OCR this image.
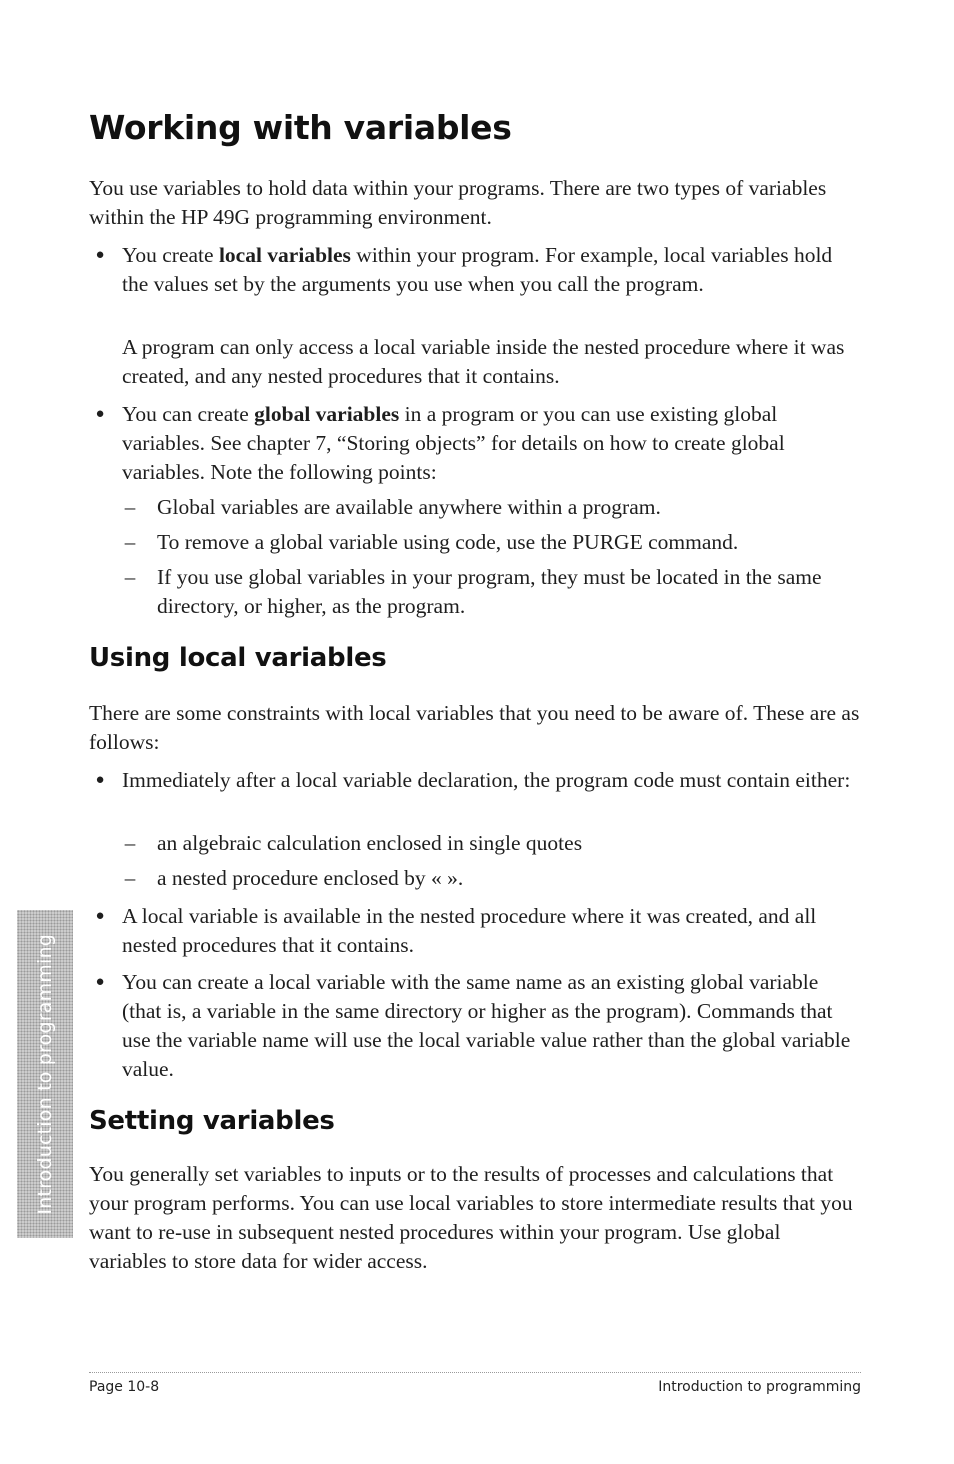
Working with variables

You use variables to hold data within your programs. There are two types of variables within the HP 49G programming environment.

● You create local variables within your program. For example, local variables hold the values set by the arguments you use when you call the program.

A program can only access a local variable inside the nested procedure where it was created, and any nested procedures that it contains.

● You can create global variables in a program or you can use existing global variables. See chapter 7, “Storing objects” for details on how to create global variables. Note the following points:

– Global variables are available anywhere within a program.

– To remove a global variable using code, use the PURGE command.

– If you use global variables in your program, they must be located in the same directory, or higher, as the program.

Using local variables

There are some constraints with local variables that you need to be aware of. These are as follows:

● Immediately after a local variable declaration, the program code must contain either:

– an algebraic calculation enclosed in single quotes

– a nested procedure enclosed by « ».

● A local variable is available in the nested procedure where it was created, and all nested procedures that it contains.

● You can create a local variable with the same name as an existing global variable (that is, a variable in the same directory or higher as the program). Commands that use the variable name will use the local variable value rather than the global variable value.

Setting variables

You generally set variables to inputs or to the results of processes and calculations that your program performs. You can use local variables to store intermediate results that you want to re-use in subsequent nested procedures within your program. Use global variables to store data for wider access.

Introduction to programming
Page 10-8	Introduction to programming
